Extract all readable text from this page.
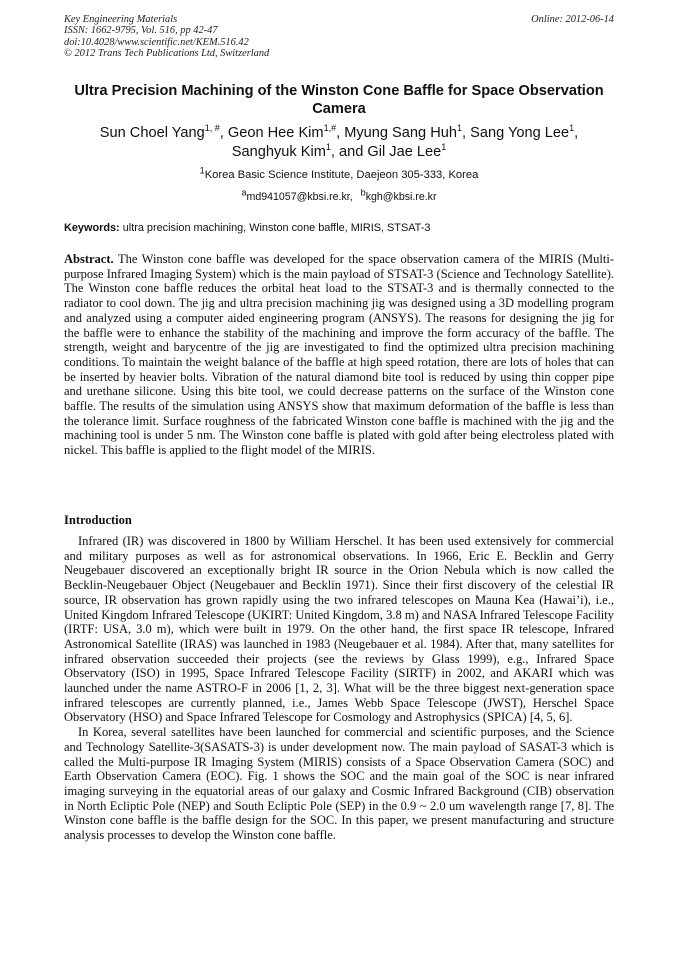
Key Engineering Materials
ISSN: 1662-9795, Vol. 516, pp 42-47
doi:10.4028/www.scientific.net/KEM.516.42
© 2012 Trans Tech Publications Ltd, Switzerland
Online: 2012-06-14
Ultra Precision Machining of the Winston Cone Baffle for Space Observation Camera
Sun Choel Yang$^{1, \#}$, Geon Hee Kim$^{1,\#}$, Myung Sang Huh$^1$, Sang Yong Lee$^1$,
Sanghyuk Kim$^1$, and Gil Jae Lee$^1$
$^1$Korea Basic Science Institute, Daejeon 305-333, Korea
$^a$md941057@kbsi.re.kr, $^b$kgh@kbsi.re.kr
Keywords: ultra precision machining, Winston cone baffle, MIRIS, STSAT-3
Abstract. The Winston cone baffle was developed for the space observation camera of the MIRIS (Multi-purpose Infrared Imaging System) which is the main payload of STSAT-3 (Science and Technology Satellite). The Winston cone baffle reduces the orbital heat load to the STSAT-3 and is thermally connected to the radiator to cool down. The jig and ultra precision machining jig was designed using a 3D modelling program and analyzed using a computer aided engineering program (ANSYS). The reasons for designing the jig for the baffle were to enhance the stability of the machining and improve the form accuracy of the baffle. The strength, weight and barycentre of the jig are investigated to find the optimized ultra precision machining conditions. To maintain the weight balance of the baffle at high speed rotation, there are lots of holes that can be inserted by heavier bolts. Vibration of the natural diamond bite tool is reduced by using thin copper pipe and urethane silicone. Using this bite tool, we could decrease patterns on the surface of the Winston cone baffle. The results of the simulation using ANSYS show that maximum deformation of the baffle is less than the tolerance limit. Surface roughness of the fabricated Winston cone baffle is machined with the jig and the machining tool is under 5 nm. The Winston cone baffle is plated with gold after being electroless plated with nickel. This baffle is applied to the flight model of the MIRIS.
Introduction

Infrared (IR) was discovered in 1800 by William Herschel. It has been used extensively for commercial and military purposes as well as for astronomical observations. In 1966, Eric E. Becklin and Gerry Neugebauer discovered an exceptionally bright IR source in the Orion Nebula which is now called the Becklin-Neugebauer Object (Neugebauer and Becklin 1971). Since their first discovery of the celestial IR source, IR observation has grown rapidly using the two infrared telescopes on Mauna Kea (Hawai’i), i.e., United Kingdom Infrared Telescope (UKIRT: United Kingdom, 3.8 m) and NASA Infrared Telescope Facility (IRTF: USA, 3.0 m), which were built in 1979. On the other hand, the first space IR telescope, Infrared Astronomical Satellite (IRAS) was launched in 1983 (Neugebauer et al. 1984). After that, many satellites for infrared observation succeeded their projects (see the reviews by Glass 1999), e.g., Infrared Space Observatory (ISO) in 1995, Space Infrared Telescope Facility (SIRTF) in 2002, and AKARI which was launched under the name ASTRO-F in 2006 [1, 2, 3]. What will be the three biggest next-generation space infrared telescopes are currently planned, i.e., James Webb Space Telescope (JWST), Herschel Space Observatory (HSO) and Space Infrared Telescope for Cosmology and Astrophysics (SPICA) [4, 5, 6].

In Korea, several satellites have been launched for commercial and scientific purposes, and the Science and Technology Satellite-3(SASATS-3) is under development now. The main payload of SASAT-3 which is called the Multi-purpose IR Imaging System (MIRIS) consists of a Space Observation Camera (SOC) and Earth Observation Camera (EOC). Fig. 1 shows the SOC and the main goal of the SOC is near infrared imaging surveying in the equatorial areas of our galaxy and Cosmic Infrared Background (CIB) observation in North Ecliptic Pole (NEP) and South Ecliptic Pole (SEP) in the 0.9 ~ 2.0 um wavelength range [7, 8]. The Winston cone baffle is the baffle design for the SOC. In this paper, we present manufacturing and structure analysis processes to develop the Winston cone baffle.
